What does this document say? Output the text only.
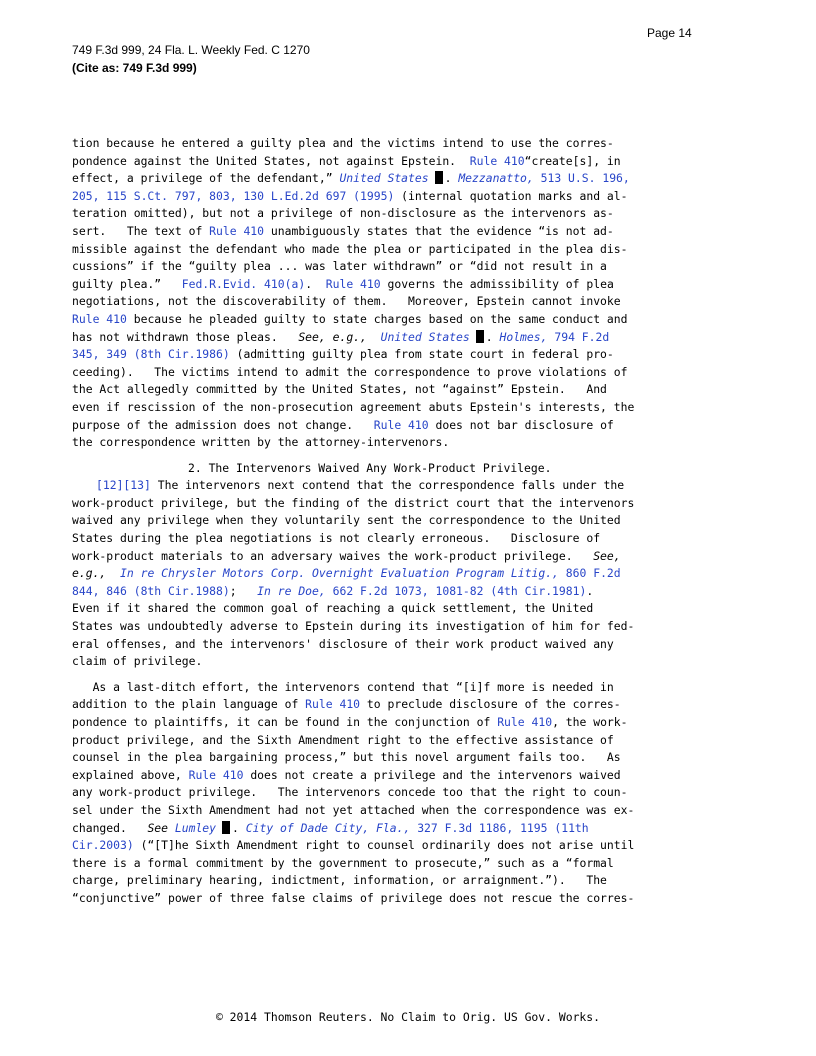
Page 14
749 F.3d 999, 24 Fla. L. Weekly Fed. C 1270
(Cite as: 749 F.3d 999)
tion because he entered a guilty plea and the victims intend to use the corres-
pondence against the United States, not against Epstein.  Rule 410“create[s], in
effect, a privilege of the defendant,” United States . Mezzanatto, 513 U.S. 196,
205, 115 S.Ct. 797, 803, 130 L.Ed.2d 697 (1995) (internal quotation marks and al-
teration omitted), but not a privilege of non-disclosure as the intervenors as-
sert.   The text of Rule 410 unambiguously states that the evidence “is not ad-
missible against the defendant who made the plea or participated in the plea dis-
cussions” if the “guilty plea ... was later withdrawn” or “did not result in a
guilty plea.”   Fed.R.Evid. 410(a).  Rule 410 governs the admissibility of plea
negotiations, not the discoverability of them.   Moreover, Epstein cannot invoke
Rule 410 because he pleaded guilty to state charges based on the same conduct and
has not withdrawn those pleas.   See, e.g., United States . Holmes, 794 F.2d
345, 349 (8th Cir.1986) (admitting guilty plea from state court in federal pro-
ceeding).   The victims intend to admit the correspondence to prove violations of
the Act allegedly committed by the United States, not “against” Epstein.   And
even if rescission of the non-prosecution agreement abuts Epstein's interests, the
purpose of the admission does not change.   Rule 410 does not bar disclosure of
the correspondence written by the attorney-intervenors.
2. The Intervenors Waived Any Work-Product Privilege.
[12][13] The intervenors next contend that the correspondence falls under the
work-product privilege, but the finding of the district court that the intervenors
waived any privilege when they voluntarily sent the correspondence to the United
States during the plea negotiations is not clearly erroneous.   Disclosure of
work-product materials to an adversary waives the work-product privilege.   See,
e.g., In re Chrysler Motors Corp. Overnight Evaluation Program Litig., 860 F.2d
844, 846 (8th Cir.1988);   In re Doe, 662 F.2d 1073, 1081-82 (4th Cir.1981).
Even if it shared the common goal of reaching a quick settlement, the United
States was undoubtedly adverse to Epstein during its investigation of him for fed-
eral offenses, and the intervenors' disclosure of their work product waived any
claim of privilege.
As a last-ditch effort, the intervenors contend that “[i]f more is needed in
addition to the plain language of Rule 410 to preclude disclosure of the corres-
pondence to plaintiffs, it can be found in the conjunction of Rule 410, the work-
product privilege, and the Sixth Amendment right to the effective assistance of
counsel in the plea bargaining process,” but this novel argument fails too.   As
explained above, Rule 410 does not create a privilege and the intervenors waived
any work-product privilege.   The intervenors concede too that the right to coun-
sel under the Sixth Amendment had not yet attached when the correspondence was ex-
changed.   See Lumley . City of Dade City, Fla., 327 F.3d 1186, 1195 (11th
Cir.2003) (“[T]he Sixth Amendment right to counsel ordinarily does not arise until
there is a formal commitment by the government to prosecute,” such as a “formal
charge, preliminary hearing, indictment, information, or arraignment.”).   The
“conjunctive” power of three false claims of privilege does not rescue the corres-
© 2014 Thomson Reuters. No Claim to Orig. US Gov. Works.
